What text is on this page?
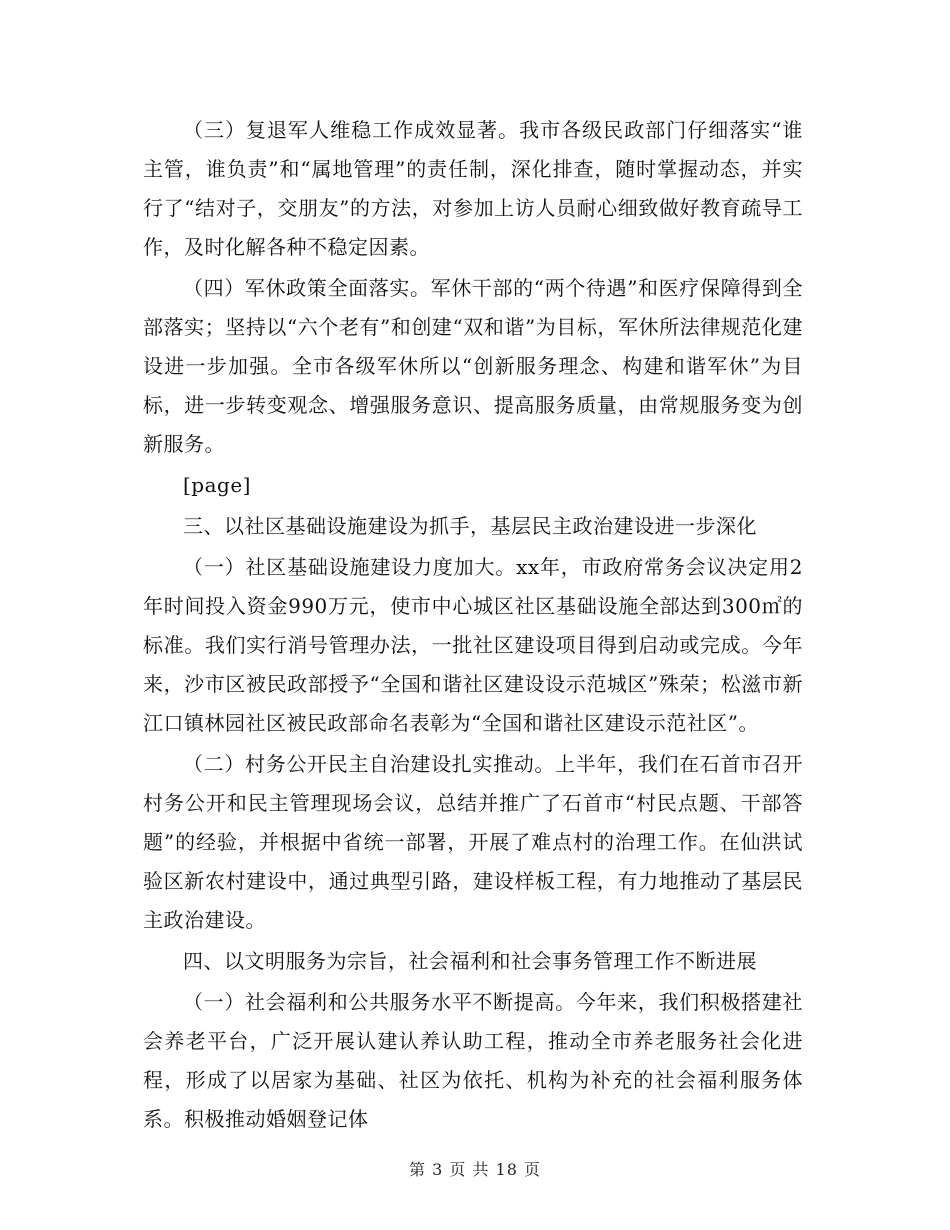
（三）复退军人维稳工作成效显著。我市各级民政部门仔细落实“谁主管，谁负责”和“属地管理”的责任制，深化排查，随时掌握动态，并实行了“结对子，交朋友”的方法，对参加上访人员耐心细致做好教育疏导工作，及时化解各种不稳定因素。

（四）军休政策全面落实。军休干部的“两个待遇”和医疗保障得到全部落实；坚持以“六个老有”和创建“双和谐”为目标，军休所法律规范化建设进一步加强。全市各级军休所以“创新服务理念、构建和谐军休”为目标，进一步转变观念、增强服务意识、提高服务质量，由常规服务变为创新服务。

[page]

三、以社区基础设施建设为抓手，基层民主政治建设进一步深化

（一）社区基础设施建设力度加大。xx年，市政府常务会议决定用2年时间投入资金990万元，使市中心城区社区基础设施全部达到300㎡的标准。我们实行消号管理办法，一批社区建设项目得到启动或完成。今年来，沙市区被民政部授予“全国和谐社区建设设示范城区”殊荣；松滋市新江口镇林园社区被民政部命名表彰为“全国和谐社区建设示范社区”。

（二）村务公开民主自治建设扎实推动。上半年，我们在石首市召开村务公开和民主管理现场会议，总结并推广了石首市“村民点题、干部答题”的经验，并根据中省统一部署，开展了难点村的治理工作。在仙洪试验区新农村建设中，通过典型引路，建设样板工程，有力地推动了基层民主政治建设。

四、以文明服务为宗旨，社会福利和社会事务管理工作不断进展

（一）社会福利和公共服务水平不断提高。今年来，我们积极搭建社会养老平台，广泛开展认建认养认助工程，推动全市养老服务社会化进程，形成了以居家为基础、社区为依托、机构为补充的社会福利服务体系。积极推动婚姻登记体

第 3 页 共 18 页
